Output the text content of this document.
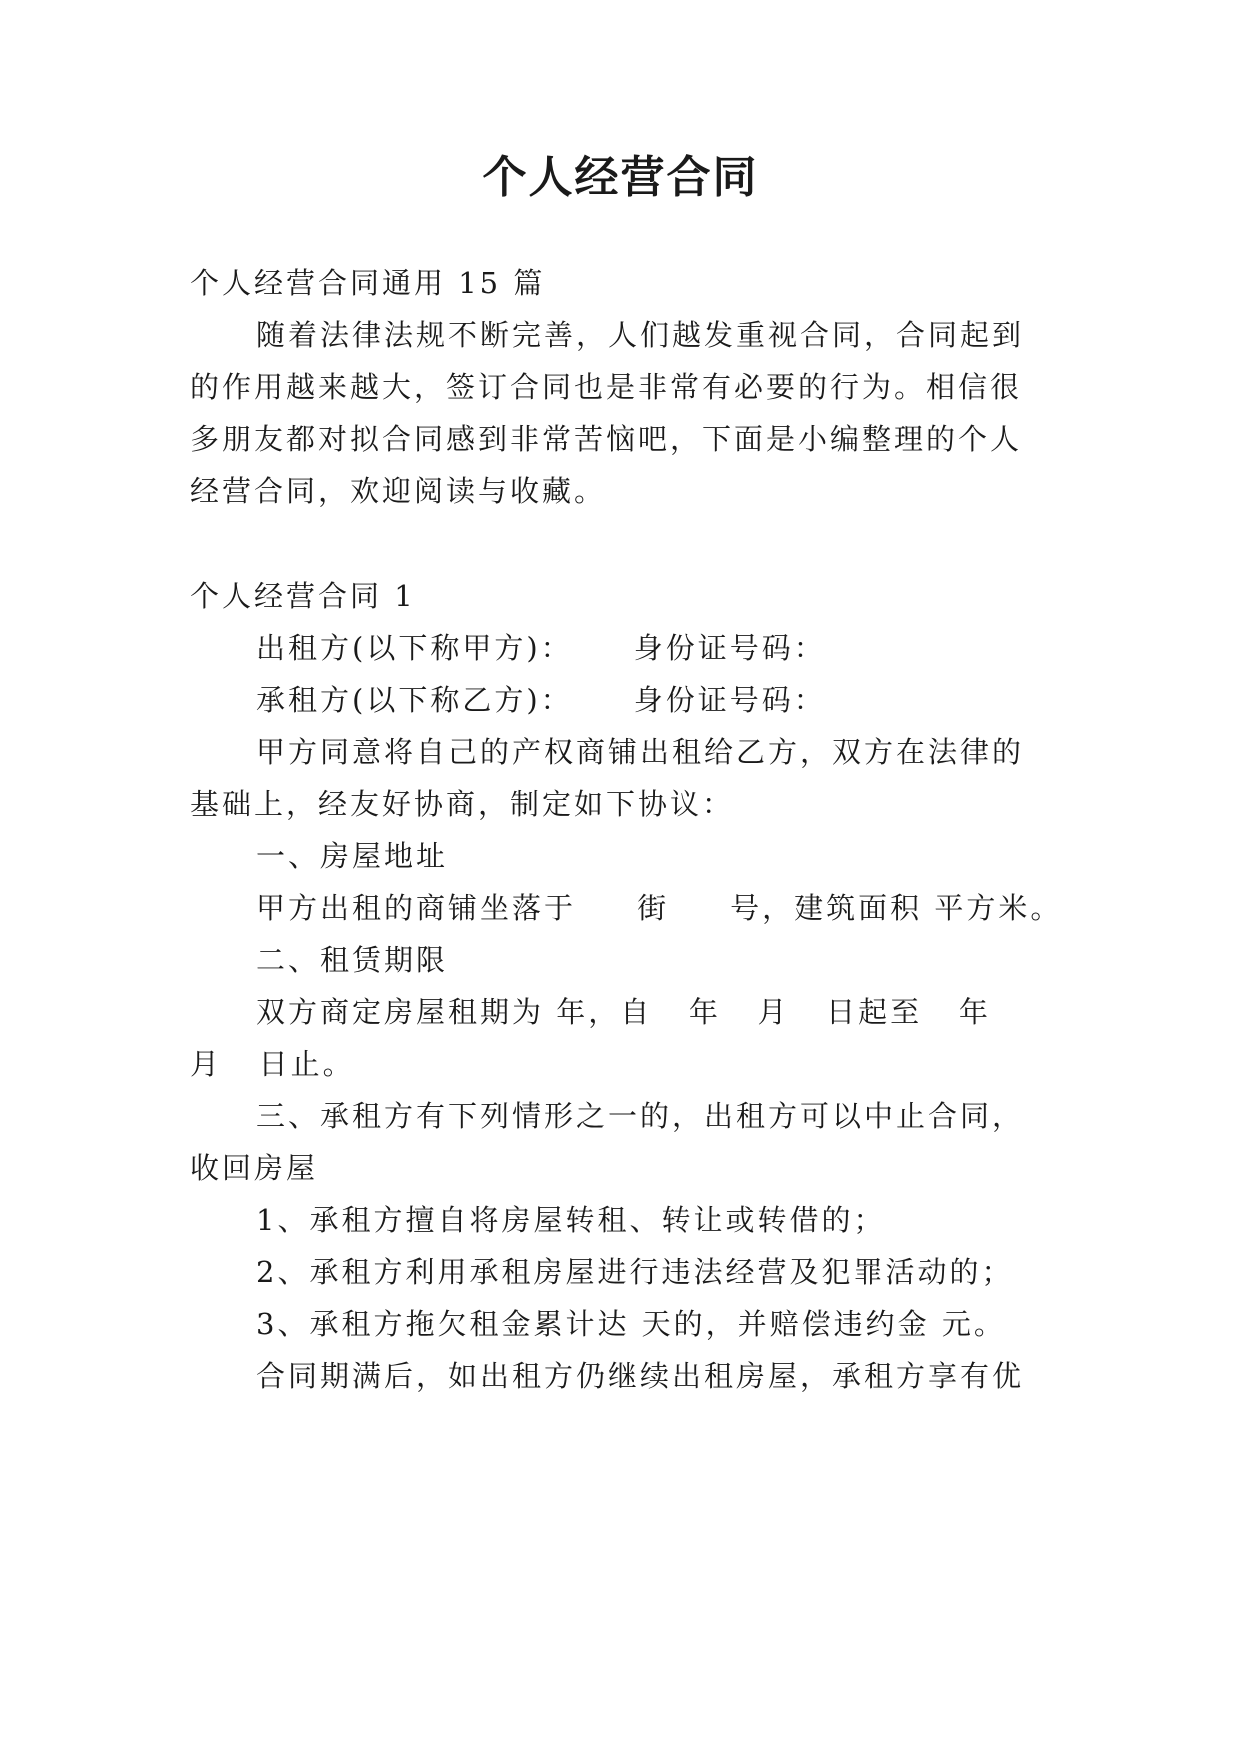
个人经营合同

个人经营合同通用 15 篇

随着法律法规不断完善，人们越发重视合同，合同起到

的作用越来越大，签订合同也是非常有必要的行为。相信很

多朋友都对拟合同感到非常苦恼吧，下面是小编整理的个人

经营合同，欢迎阅读与收藏。

个人经营合同 1

出租方(以下称甲方)：     身份证号码：

承租方(以下称乙方)：     身份证号码：

甲方同意将自己的产权商铺出租给乙方，双方在法律的

基础上，经友好协商，制定如下协议：

一、房屋地址

甲方出租的商铺坐落于     街     号，建筑面积 平方米。

二、租赁期限

双方商定房屋租期为 年，自   年   月   日起至   年

月   日止。

三、承租方有下列情形之一的，出租方可以中止合同，

收回房屋

1、承租方擅自将房屋转租、转让或转借的；

2、承租方利用承租房屋进行违法经营及犯罪活动的；

3、承租方拖欠租金累计达 天的，并赔偿违约金 元。

合同期满后，如出租方仍继续出租房屋，承租方享有优
